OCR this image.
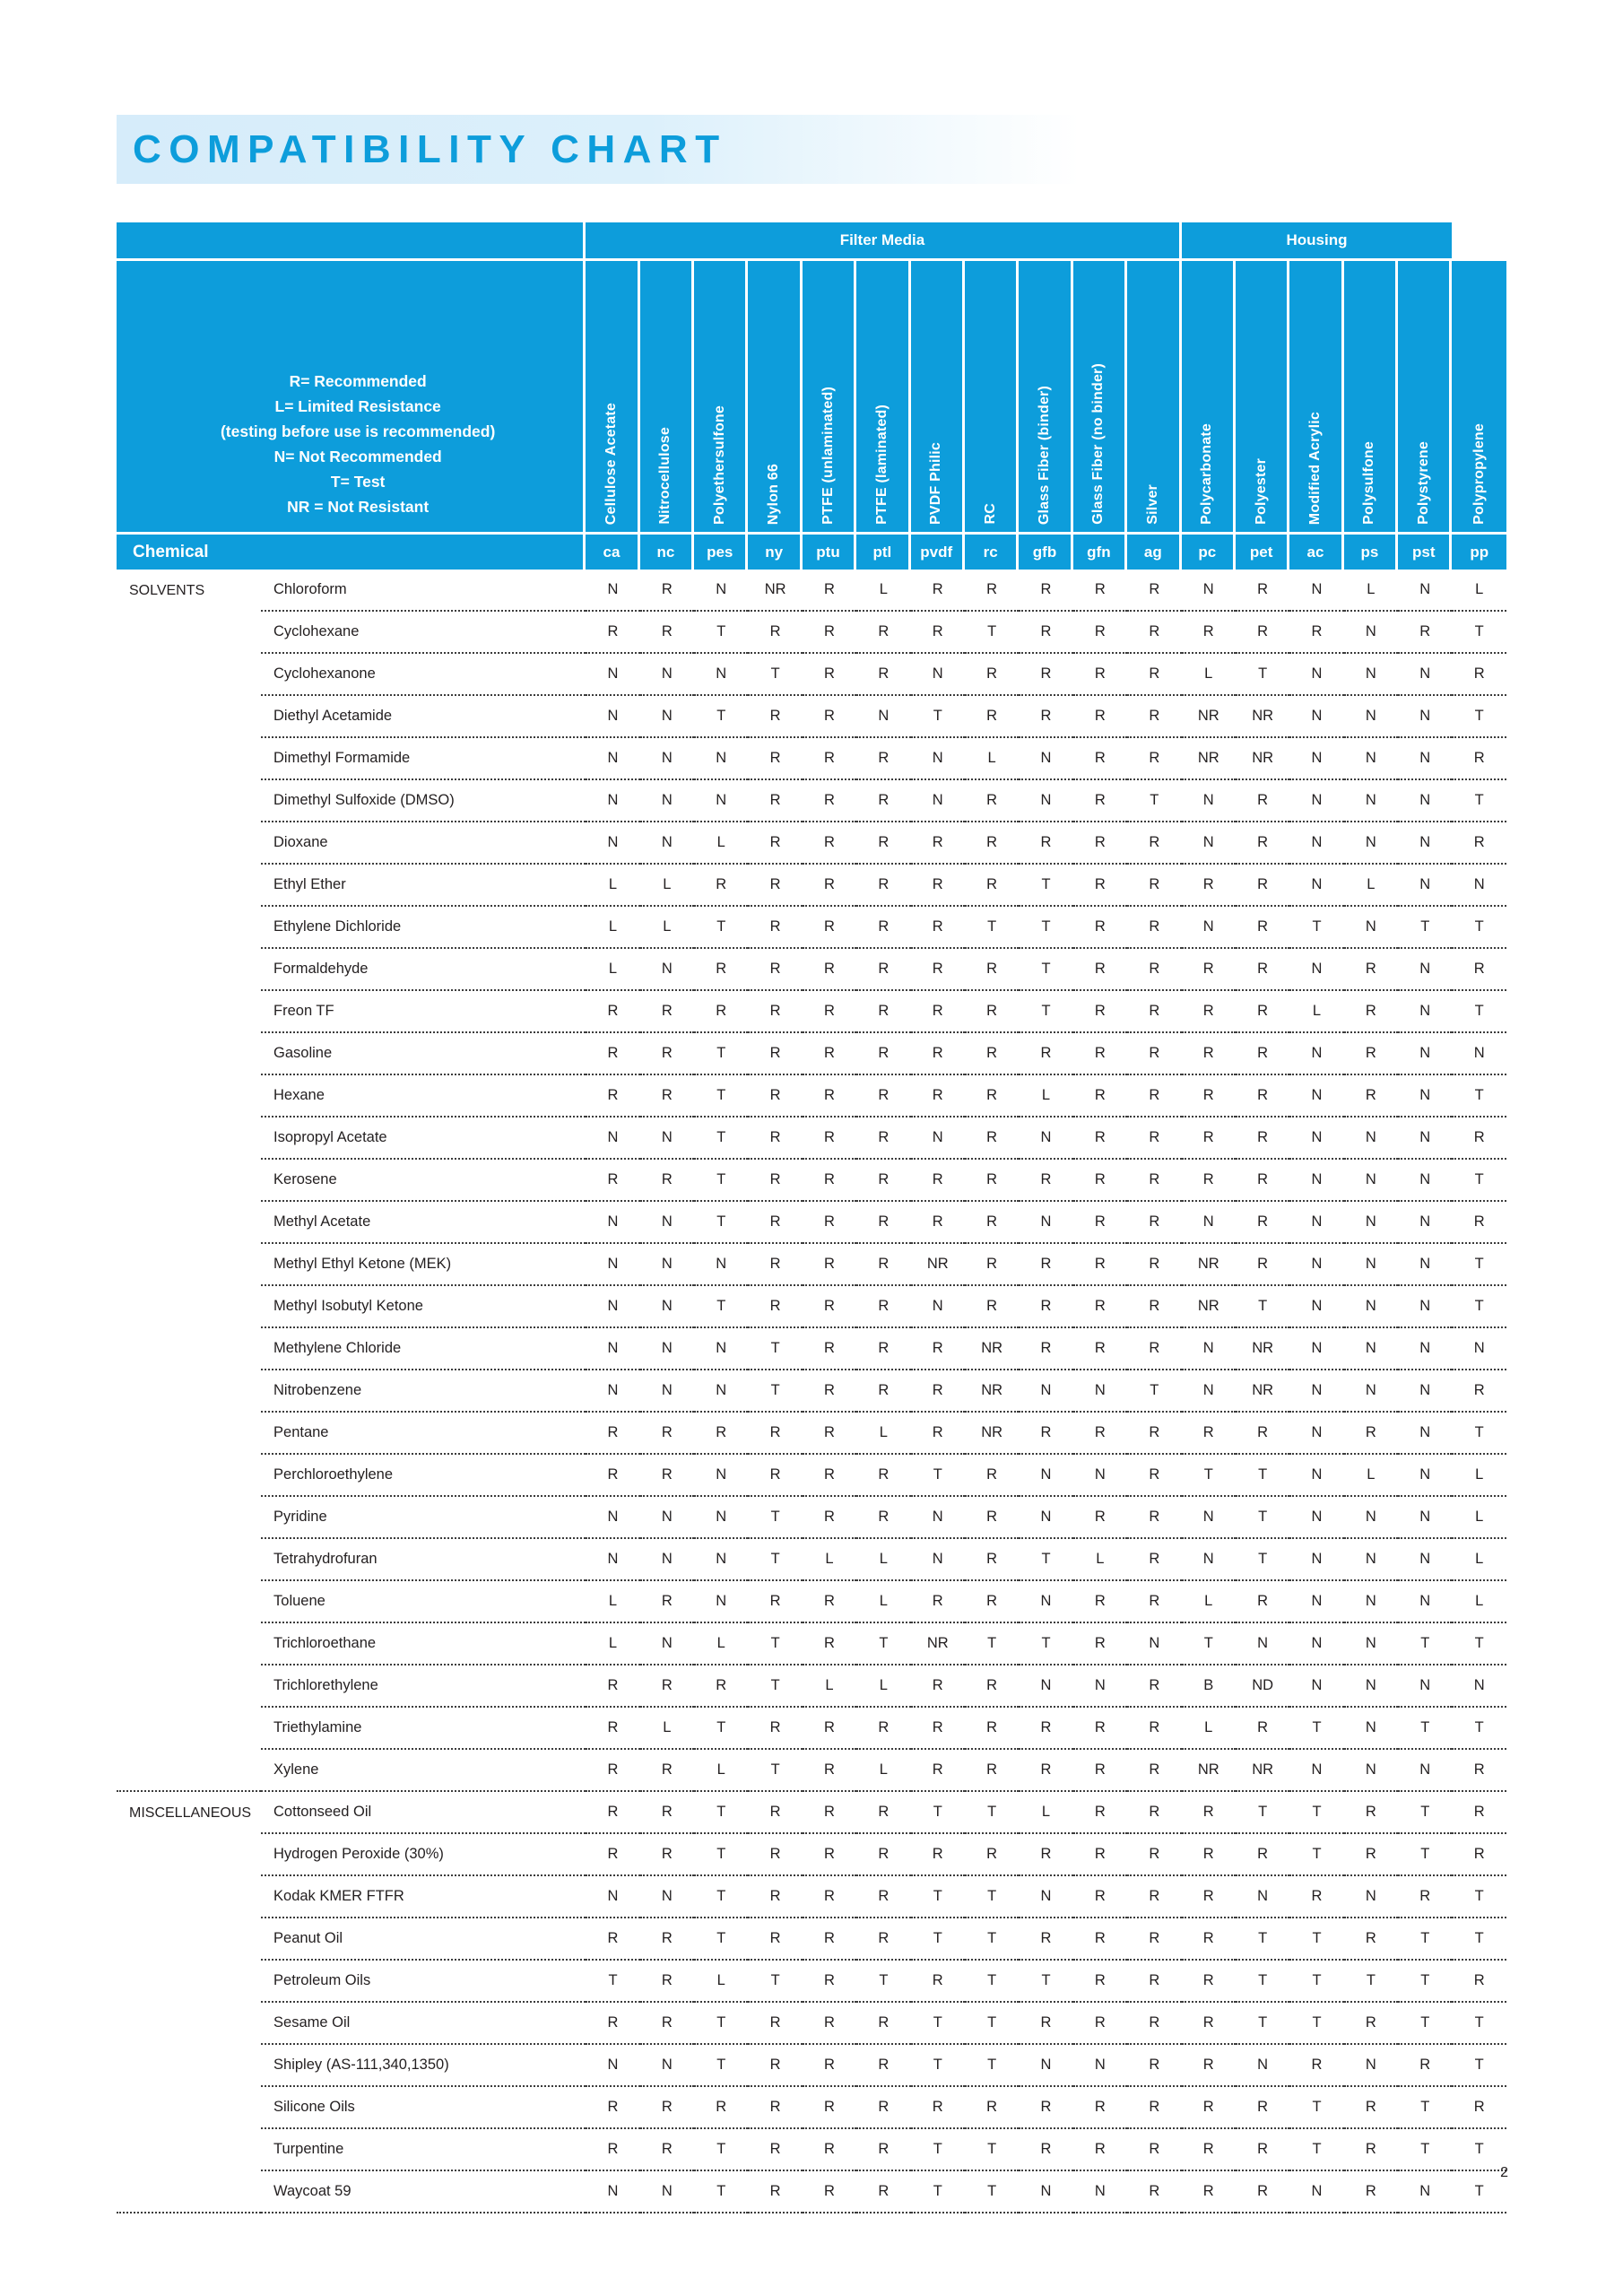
COMPATIBILITY CHART
		Filter Media											Housing					

R= Recommended
L= Limited Resistance
(testing before use is recommended)
N= Not Recommended
T= Test
NR = Not Resistant	Cellulose Acetate	Nitrocellulose	Polyethersulfone	Nylon 66	PTFE (unlaminated)	PTFE (laminated)	PVDF Philic	RC	Glass Fiber (binder)	Glass Fiber (no binder)	Silver	Polycarbonate	Polyester	Modified Acrylic	Polysulfone	Polystyrene	Polypropylene

Chemical		ca	nc	pes	ny	ptu	ptl	pvdf	rc	gfb	gfn	ag	pc	pet	ac	ps	pst	pp
SOLVENTS	Chloroform	N	R	N	NR	R	L	R	R	R	R	R	N	R	N	L	N	L
	Cyclohexane	R	R	T	R	R	R	R	T	R	R	R	R	R	R	N	R	T
	Cyclohexanone	N	N	N	T	R	R	N	R	R	R	R	L	T	N	N	N	R
	Diethyl Acetamide	N	N	T	R	R	N	T	R	R	R	R	NR	NR	N	N	N	T
	Dimethyl Formamide	N	N	N	R	R	R	N	L	N	R	R	NR	NR	N	N	N	R
	Dimethyl Sulfoxide (DMSO)	N	N	N	R	R	R	N	R	N	R	T	N	R	N	N	N	T
	Dioxane	N	N	L	R	R	R	R	R	R	R	R	N	R	N	N	N	R
	Ethyl Ether	L	L	R	R	R	R	R	R	T	R	R	R	R	N	L	N	N
	Ethylene Dichloride	L	L	T	R	R	R	R	T	T	R	R	N	R	T	N	T	T
	Formaldehyde	L	N	R	R	R	R	R	R	T	R	R	R	R	N	R	N	R
	Freon TF	R	R	R	R	R	R	R	R	T	R	R	R	R	L	R	N	T
	Gasoline	R	R	T	R	R	R	R	R	R	R	R	R	R	N	R	N	N
	Hexane	R	R	T	R	R	R	R	R	L	R	R	R	R	N	R	N	T
	Isopropyl Acetate	N	N	T	R	R	R	N	R	N	R	R	R	R	N	N	N	R
	Kerosene	R	R	T	R	R	R	R	R	R	R	R	R	R	N	N	N	T
	Methyl Acetate	N	N	T	R	R	R	R	R	N	R	R	N	R	N	N	N	R
	Methyl Ethyl Ketone (MEK)	N	N	N	R	R	R	NR	R	R	R	R	NR	R	N	N	N	T
	Methyl Isobutyl Ketone	N	N	T	R	R	R	N	R	R	R	R	NR	T	N	N	N	T
	Methylene Chloride	N	N	N	T	R	R	R	NR	R	R	R	N	NR	N	N	N	N
	Nitrobenzene	N	N	N	T	R	R	R	NR	N	N	T	N	NR	N	N	N	R
	Pentane	R	R	R	R	R	L	R	NR	R	R	R	R	R	N	R	N	T
	Perchloroethylene	R	R	N	R	R	R	T	R	N	N	R	T	T	N	L	N	L
	Pyridine	N	N	N	T	R	R	N	R	N	R	R	N	T	N	N	N	L
	Tetrahydrofuran	N	N	N	T	L	L	N	R	T	L	R	N	T	N	N	N	L
	Toluene	L	R	N	R	R	L	R	R	N	R	R	L	R	N	N	N	L
	Trichloroethane	L	N	L	T	R	T	NR	T	T	R	N	T	N	N	N	T	T
	Trichlorethylene	R	R	R	T	L	L	R	R	N	N	R	B	ND	N	N	N	N
	Triethylamine	R	L	T	R	R	R	R	R	R	R	R	L	R	T	N	T	T
	Xylene	R	R	L	T	R	L	R	R	R	R	R	NR	NR	N	N	N	R
MISCELLANEOUS	Cottonseed Oil	R	R	T	R	R	R	T	T	L	R	R	R	T	T	R	T	R
	Hydrogen Peroxide (30%)	R	R	T	R	R	R	R	R	R	R	R	R	R	T	R	T	R
	Kodak KMER FTFR	N	N	T	R	R	R	T	T	N	R	R	R	N	R	N	R	T
	Peanut Oil	R	R	T	R	R	R	T	T	R	R	R	R	T	T	R	T	T
	Petroleum Oils	T	R	L	T	R	T	R	T	T	R	R	R	T	T	T	T	R
	Sesame Oil	R	R	T	R	R	R	T	T	R	R	R	R	T	T	R	T	T
	Shipley (AS-111,340,1350)	N	N	T	R	R	R	T	T	N	N	R	R	N	R	N	R	T
	Silicone Oils	R	R	R	R	R	R	R	R	R	R	R	R	R	T	R	T	R
	Turpentine	R	R	T	R	R	R	T	T	R	R	R	R	R	T	R	T	T
	Waycoat 59	N	N	T	R	R	R	T	T	N	N	R	R	R	N	R	N	T
2
